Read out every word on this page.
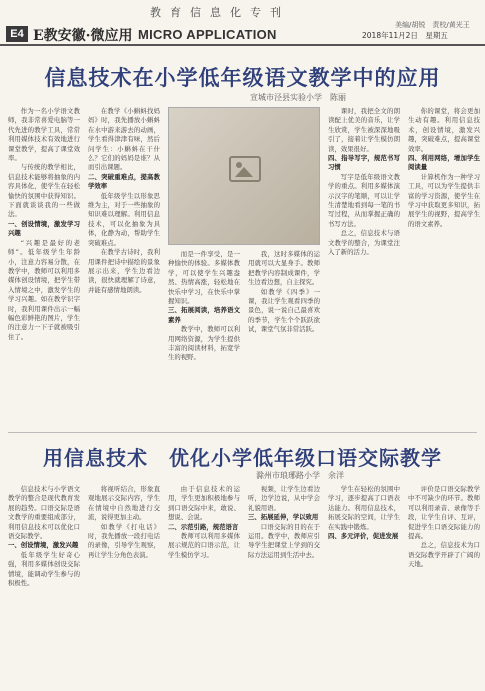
教育信息化专刊
E4 E教安徽·微应用 MICRO APPLICATION
美编/胡锐　责校/黄光王
2018年11月2日　星期五
信息技术在小学低年级语文教学中的应用
宣城市泾县实验小学　陈丽

作为一名小学语文教师，我非常喜爱电脑等一代先进的教学工具，常常利用媒体技术有效地进行课堂教学，提高了课堂效率。

与传统的教学相比，信息技术能够将抽象的内容具体化，使学生在轻松愉快的氛围中获得知识。下面就谈谈我的一些做法。

一、创设情境，激发学习兴趣

“兴趣是最好的老师”。低年级学生年龄小，注意力容易分散，在教学中，教师可以利用多媒体创设情境，把学生带入情境之中，激发学生的学习兴趣。如在教学识字时，我利用课件出示一幅幅色彩鲜艳的图片，学生的注意力一下子就被吸引住了。

在教学《小蝌蚪找妈妈》时，我先播放小蝌蚪在水中游来游去的动画，学生看得津津有味，然后问学生：小蝌蚪在干什么？它们的妈妈是谁？从而引出课题。

二、突破重难点，提高教学效率

低年级学生以形象思维为主，对于一些抽象的知识难以理解。利用信息技术，可以化抽象为具体，化静为动，帮助学生突破难点。

在教学古诗时，我利用课件把诗中描绘的景象展示出来，学生边看边读，很快就理解了诗意，并能有感情地朗读。

而是一件享受，是一种愉快的体验。多媒体教学，可以使学生兴趣盎然、热情高涨，轻松地在快乐中学习，在快乐中掌握知识。

三、拓展阅读，培养语文素养

教学中，教师可以利用网络资源，为学生提供丰富的阅读材料，拓宽学生的视野。

我，这时多媒体的运用就可以大显身手。教师把教学内容制成课件，学生边看边想，自主探究。

如教学《四季》一课，我让学生观看四季的景色，说一说自己最喜欢的季节，学生个个跃跃欲试，课堂气氛非常活跃。

课时，我把全文的朗读配上优美的音乐，让学生欣赏，学生被深深地吸引了，接着让学生模仿朗读，效果很好。

四、指导写字，规范书写习惯

写字是低年级语文教学的重点。利用多媒体演示汉字的笔顺，可以让学生清楚地看到每一笔的书写过程，从而掌握正确的书写方法。

总之，信息技术与语文教学的整合，为课堂注入了新的活力。

你的课堂，将会更加生动有趣。利用信息技术，创设情境，激发兴趣，突破难点，提高课堂效率。

四、利用网络，增加学生阅读量

计算机作为一种学习工具，可以为学生提供丰富的学习资源，使学生在学习中获取更多知识，拓展学生的视野，提高学生的语文素养。

用信息技术　优化小学低年级口语交际教学
滁州市琅琊路小学　余洋

信息技术与小学语文教学的整合是现代教育发展的趋势。口语交际是语文教学的重要组成部分，利用信息技术可以优化口语交际教学。

一、创设情境，激发兴趣

低年级学生好奇心强，利用多媒体创设交际情境，能调动学生参与的积极性。

将视听结合，形象直观地展示交际内容，学生在情境中自然地进行交流，说得更加主动。

如教学《打电话》时，我先播放一段打电话的录像，引导学生观察，再让学生分角色表演。

由于信息技术的运用，学生更加积极地参与到口语交际中来，敢说、想说、会说。

二、示范引路，规范语言

教师可以利用多媒体展示规范的口语示范，让学生模仿学习。

视频，让学生边看边听，边学边说，从中学会礼貌用语。

三、拓展延伸，学以致用

口语交际的目的在于运用。教学中，教师应引导学生把课堂上学到的交际方法运用到生活中去。

学生在轻松的氛围中学习，逐步提高了口语表达能力。利用信息技术，拓展交际的空间，让学生在实践中锻炼。

四、多元评价，促进发展

评价是口语交际教学中不可缺少的环节。教师可以利用录音、录像等手段，让学生自评、互评，促进学生口语交际能力的提高。

总之，信息技术为口语交际教学开辟了广阔的天地。
